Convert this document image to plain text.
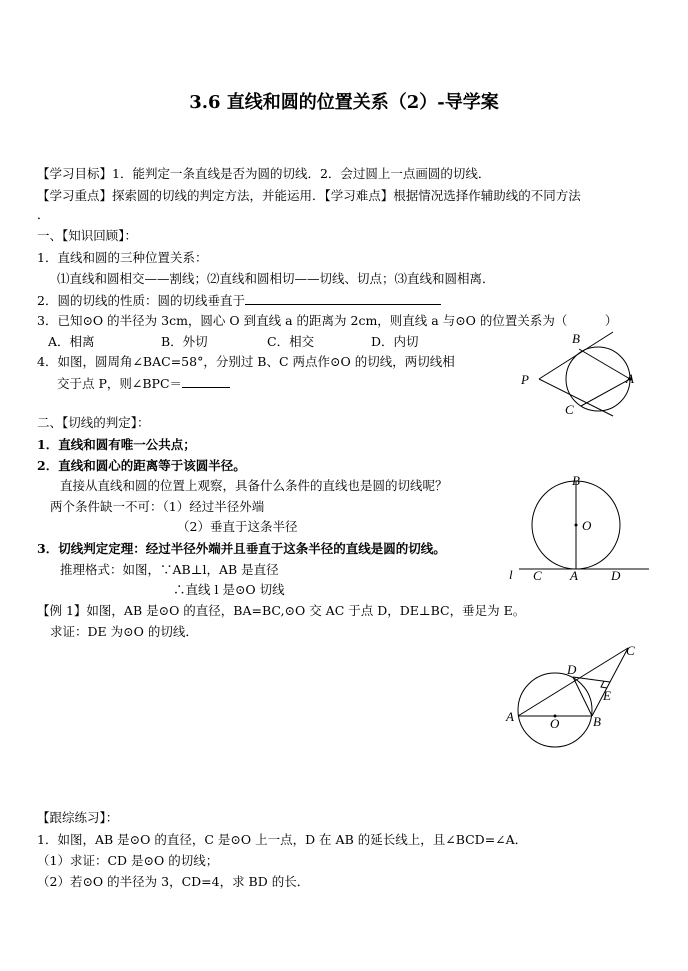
3.6 直线和圆的位置关系（2）-导学案
【学习目标】1．能判定一条直线是否为圆的切线．2．会过圆上一点画圆的切线．
【学习重点】探索圆的切线的判定方法，并能运用．【学习难点】根据情况选择作辅助线的不同方法
．
一、【知识回顾】：
1．直线和圆的三种位置关系：
⑴直线和圆相交——割线；⑵直线和圆相切——切线、切点；⑶直线和圆相离．
2．圆的切线的性质：圆的切线垂直于
3．已知⊙O 的半径为 3cm，圆心 O 到直线 a 的距离为 2cm，则直线 a 与⊙O 的位置关系为（　　　）
A．相离	B．外切	C．相交	D．内切
4．如图，圆周角∠BAC=58°，分别过 B、C 两点作⊙O 的切线，两切线相
交于点 P，则∠BPC＝
B
P	A
C
二、【切线的判定】：
1．直线和圆有唯一公共点；
2．直线和圆心的距离等于该圆半径。
直接从直线和圆的位置上观察，具备什么条件的直线也是圆的切线呢？
两个条件缺一不可：（1）经过半径外端
（2）垂直于这条半径
3．切线判定定理：经过半径外端并且垂直于这条半径的直线是圆的切线。
推理格式：如图，∵AB⊥l，AB 是直径
∴直线 l 是⊙O 切线
B
O
l C A	D
【例 1】如图，AB 是⊙O 的直径，BA=BC,⊙O 交 AC 于点 D，DE⊥BC，垂足为 E。
求证：DE 为⊙O 的切线．
C
D
E
A	O	B
【跟综练习】：
1．如图，AB 是⊙O 的直径，C 是⊙O 上一点，D 在 AB 的延长线上，且∠BCD=∠A．
（1）求证：CD 是⊙O 的切线；
（2）若⊙O 的半径为 3，CD=4，求 BD 的长．
